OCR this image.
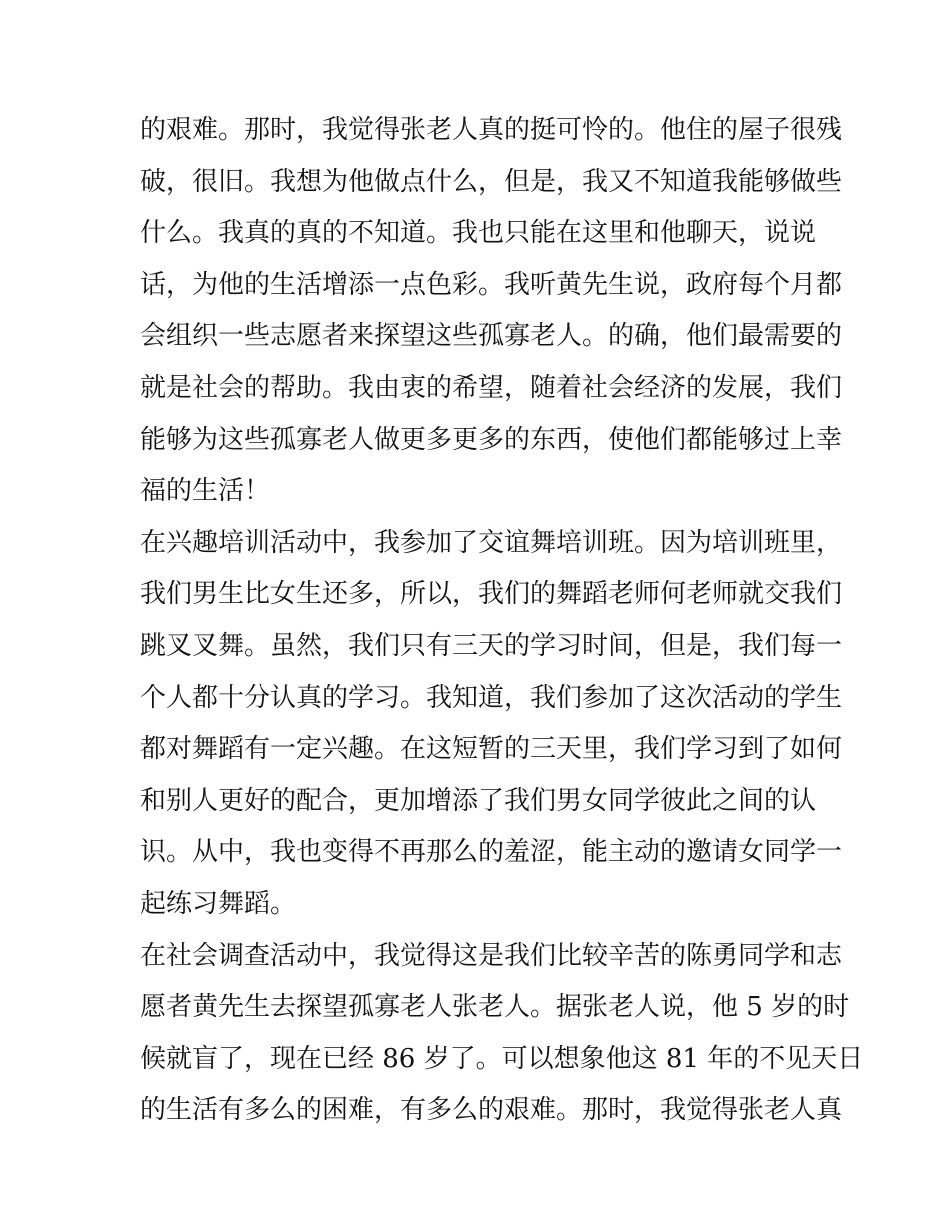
的艰难。那时，我觉得张老人真的挺可怜的。他住的屋子很残
破，很旧。我想为他做点什么，但是，我又不知道我能够做些
什么。我真的真的不知道。我也只能在这里和他聊天，说说
话，为他的生活增添一点色彩。我听黄先生说，政府每个月都
会组织一些志愿者来探望这些孤寡老人。的确，他们最需要的
就是社会的帮助。我由衷的希望，随着社会经济的发展，我们
能够为这些孤寡老人做更多更多的东西，使他们都能够过上幸
福的生活！
在兴趣培训活动中，我参加了交谊舞培训班。因为培训班里，
我们男生比女生还多，所以，我们的舞蹈老师何老师就交我们
跳叉叉舞。虽然，我们只有三天的学习时间，但是，我们每一
个人都十分认真的学习。我知道，我们参加了这次活动的学生
都对舞蹈有一定兴趣。在这短暂的三天里，我们学习到了如何
和别人更好的配合，更加增添了我们男女同学彼此之间的认
识。从中，我也变得不再那么的羞涩，能主动的邀请女同学一
起练习舞蹈。
在社会调查活动中，我觉得这是我们比较辛苦的陈勇同学和志
愿者黄先生去探望孤寡老人张老人。据张老人说，他 5 岁的时
候就盲了，现在已经 86 岁了。可以想象他这 81 年的不见天日
的生活有多么的困难，有多么的艰难。那时，我觉得张老人真
